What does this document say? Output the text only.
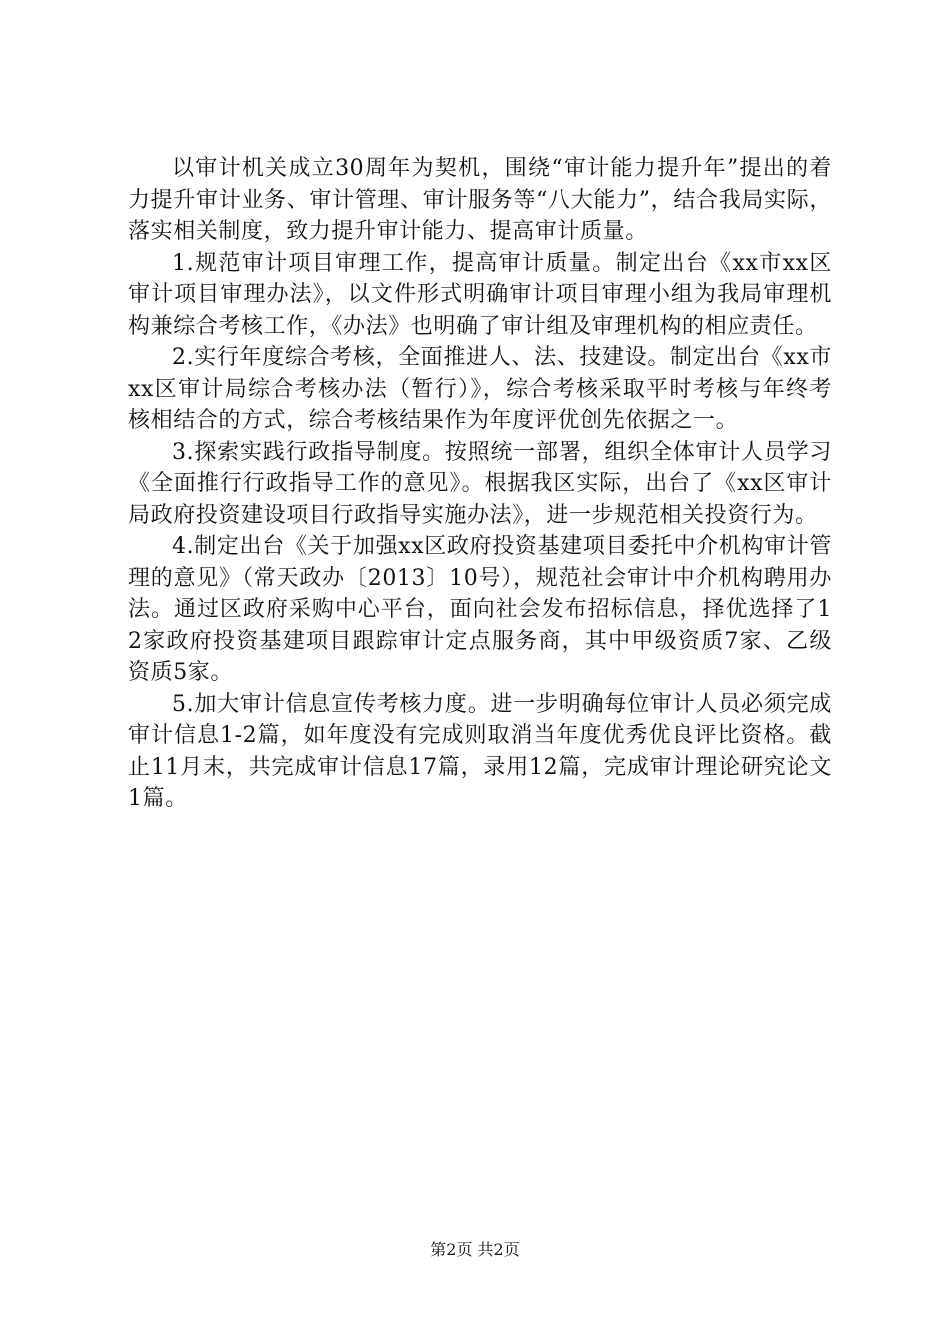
以审计机关成立30周年为契机，围绕“审计能力提升年”提出的着力提升审计业务、审计管理、审计服务等“八大能力”，结合我局实际，落实相关制度，致力提升审计能力、提高审计质量。

1.规范审计项目审理工作，提高审计质量。制定出台《xx市xx区审计项目审理办法》，以文件形式明确审计项目审理小组为我局审理机构兼综合考核工作，《办法》也明确了审计组及审理机构的相应责任。

2.实行年度综合考核，全面推进人、法、技建设。制定出台《xx市xx区审计局综合考核办法（暂行）》，综合考核采取平时考核与年终考核相结合的方式，综合考核结果作为年度评优创先依据之一。

3.探索实践行政指导制度。按照统一部署，组织全体审计人员学习《全面推行行政指导工作的意见》。根据我区实际，出台了《xx区审计局政府投资建设项目行政指导实施办法》，进一步规范相关投资行为。

4.制定出台《关于加强xx区政府投资基建项目委托中介机构审计管理的意见》（常天政办〔2013〕10号），规范社会审计中介机构聘用办法。通过区政府采购中心平台，面向社会发布招标信息，择优选择了12家政府投资基建项目跟踪审计定点服务商，其中甲级资质7家、乙级资质5家。

5.加大审计信息宣传考核力度。进一步明确每位审计人员必须完成审计信息1-2篇，如年度没有完成则取消当年度优秀优良评比资格。截止11月末，共完成审计信息17篇，录用12篇，完成审计理论研究论文1篇。

第2页 共2页
